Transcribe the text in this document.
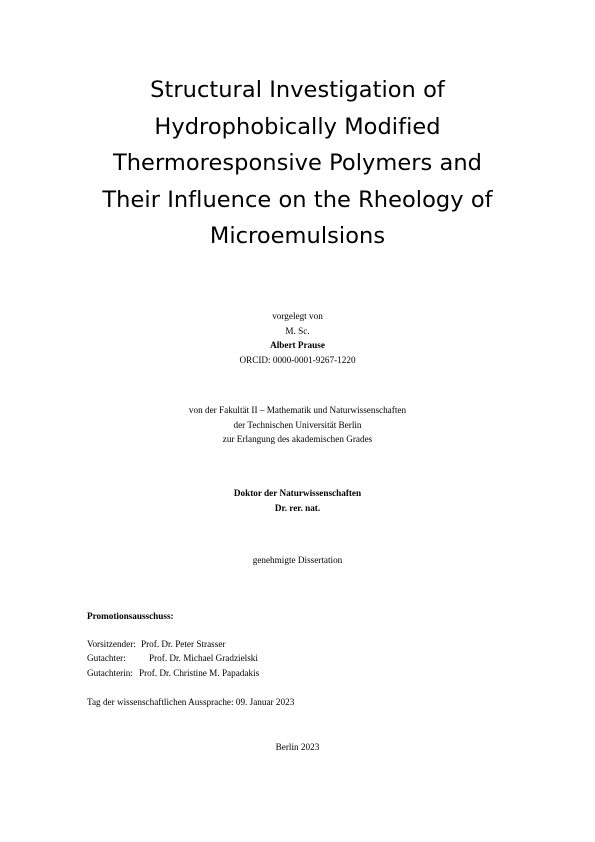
Structural Investigation of
Hydrophobically Modified
Thermoresponsive Polymers and
Their Influence on the Rheology of
Microemulsions
vorgelegt von
M. Sc.
Albert Prause
ORCID: 0000-0001-9267-1220
von der Fakultät II – Mathematik und Naturwissenschaften
der Technischen Universität Berlin
zur Erlangung des akademischen Grades
Doktor der Naturwissenschaften
Dr. rer. nat.
genehmigte Dissertation
Promotionsausschuss:
Vorsitzender: Prof. Dr. Peter Strasser
Gutachter:	Prof. Dr. Michael Gradzielski
Gutachterin: Prof. Dr. Christine M. Papadakis
Tag der wissenschaftlichen Aussprache: 09. Januar 2023
Berlin 2023
